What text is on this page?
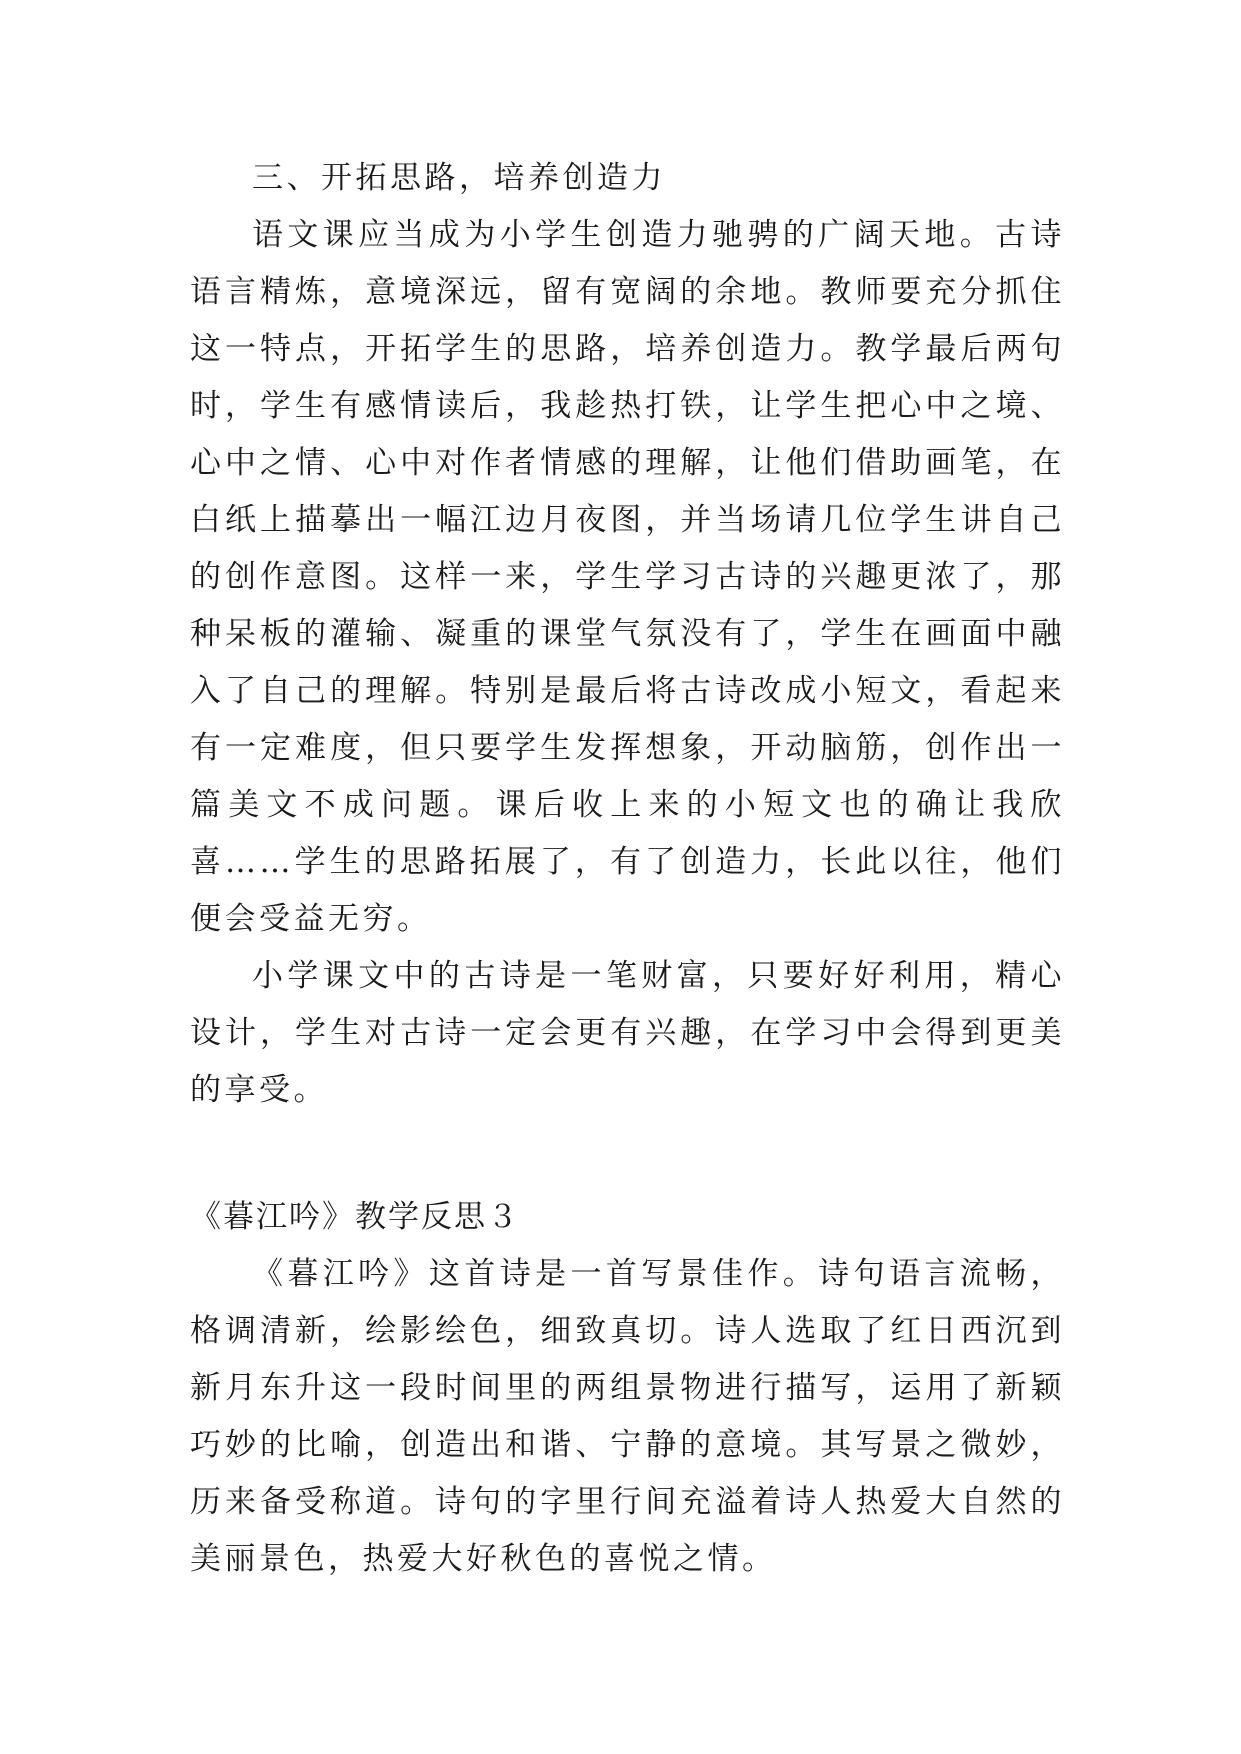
三、开拓思路，培养创造力

语文课应当成为小学生创造力驰骋的广阔天地。古诗语言精炼，意境深远，留有宽阔的余地。教师要充分抓住这一特点，开拓学生的思路，培养创造力。教学最后两句时，学生有感情读后，我趁热打铁，让学生把心中之境、心中之情、心中对作者情感的理解，让他们借助画笔，在白纸上描摹出一幅江边月夜图，并当场请几位学生讲自己的创作意图。这样一来，学生学习古诗的兴趣更浓了，那种呆板的灌输、凝重的课堂气氛没有了，学生在画面中融入了自己的理解。特别是最后将古诗改成小短文，看起来有一定难度，但只要学生发挥想象，开动脑筋，创作出一篇美文不成问题。课后收上来的小短文也的确让我欣喜……学生的思路拓展了，有了创造力，长此以往，他们便会受益无穷。

小学课文中的古诗是一笔财富，只要好好利用，精心设计，学生对古诗一定会更有兴趣，在学习中会得到更美的享受。

《暮江吟》教学反思３

《暮江吟》这首诗是一首写景佳作。诗句语言流畅，格调清新，绘影绘色，细致真切。诗人选取了红日西沉到新月东升这一段时间里的两组景物进行描写，运用了新颖巧妙的比喻，创造出和谐、宁静的意境。其写景之微妙，历来备受称道。诗句的字里行间充溢着诗人热爱大自然的美丽景色，热爱大好秋色的喜悦之情。
